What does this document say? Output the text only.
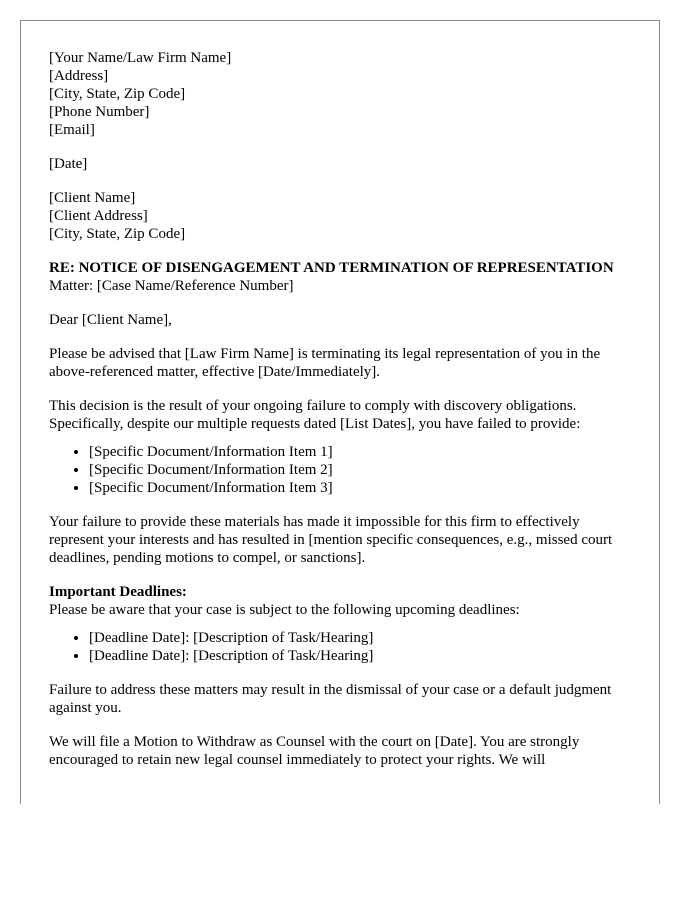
[Your Name/Law Firm Name]
[Address]
[City, State, Zip Code]
[Phone Number]
[Email]
[Date]
[Client Name]
[Client Address]
[City, State, Zip Code]
RE: NOTICE OF DISENGAGEMENT AND TERMINATION OF REPRESENTATION
Matter: [Case Name/Reference Number]

Dear [Client Name],

Please be advised that [Law Firm Name] is terminating its legal representation of you in the above-referenced matter, effective [Date/Immediately].

This decision is the result of your ongoing failure to comply with discovery obligations. Specifically, despite our multiple requests dated [List Dates], you have failed to provide:

• [Specific Document/Information Item 1]
• [Specific Document/Information Item 2]
• [Specific Document/Information Item 3]

Your failure to provide these materials has made it impossible for this firm to effectively represent your interests and has resulted in [mention specific consequences, e.g., missed court deadlines, pending motions to compel, or sanctions].

Important Deadlines:
Please be aware that your case is subject to the following upcoming deadlines:
• [Deadline Date]: [Description of Task/Hearing]
• [Deadline Date]: [Description of Task/Hearing]

Failure to address these matters may result in the dismissal of your case or a default judgment against you.

We will file a Motion to Withdraw as Counsel with the court on [Date]. You are strongly encouraged to retain new legal counsel immediately to protect your rights. We will
